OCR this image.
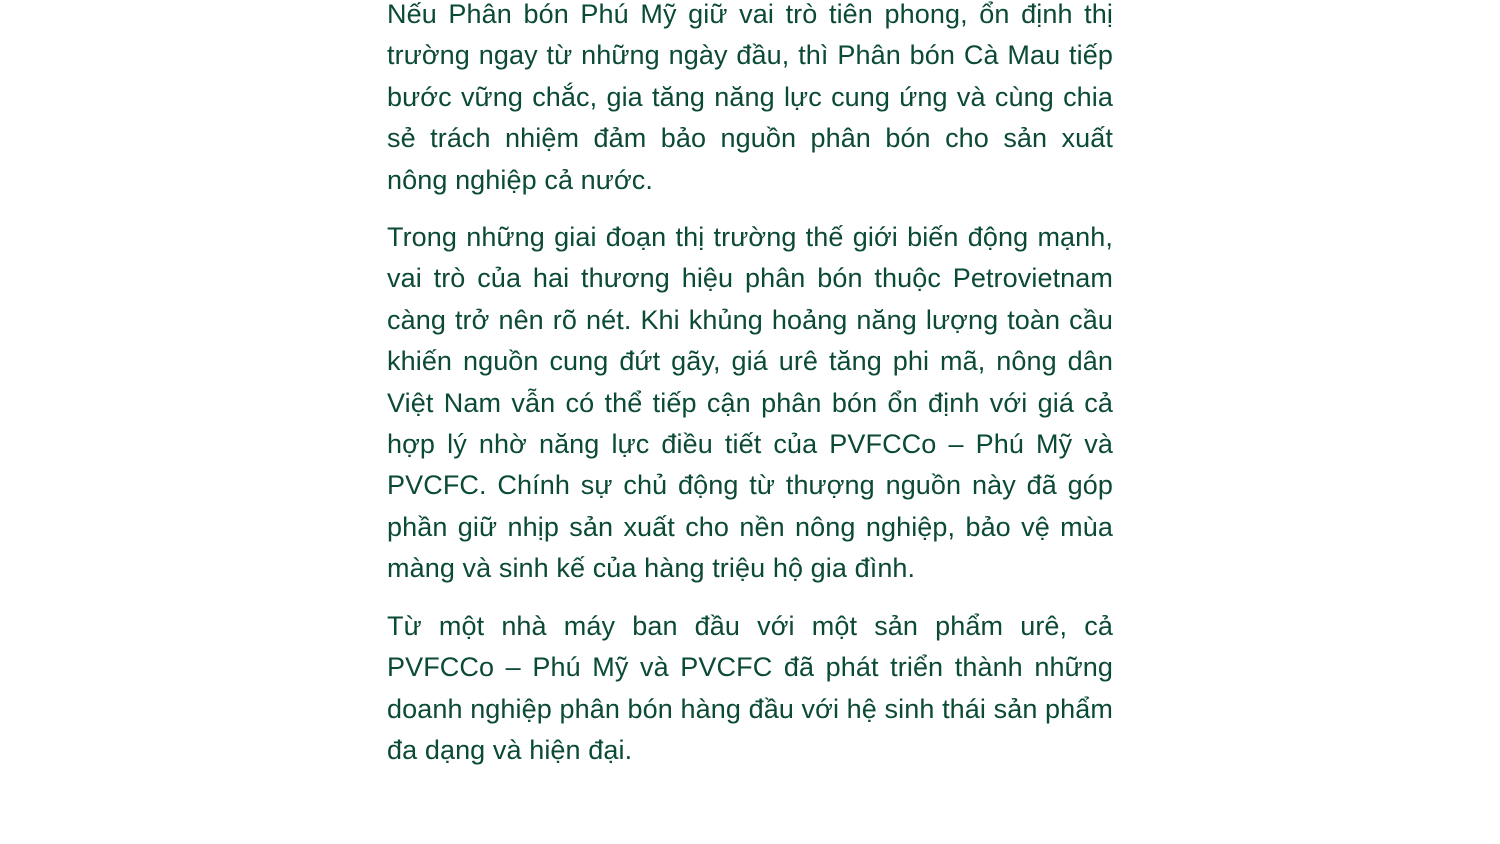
Nếu Phân bón Phú Mỹ giữ vai trò tiên phong, ổn định thị trường ngay từ những ngày đầu, thì Phân bón Cà Mau tiếp bước vững chắc, gia tăng năng lực cung ứng và cùng chia sẻ trách nhiệm đảm bảo nguồn phân bón cho sản xuất nông nghiệp cả nước.

Trong những giai đoạn thị trường thế giới biến động mạnh, vai trò của hai thương hiệu phân bón thuộc Petrovietnam càng trở nên rõ nét. Khi khủng hoảng năng lượng toàn cầu khiến nguồn cung đứt gãy, giá urê tăng phi mã, nông dân Việt Nam vẫn có thể tiếp cận phân bón ổn định với giá cả hợp lý nhờ năng lực điều tiết của PVFCCo – Phú Mỹ và PVCFC. Chính sự chủ động từ thượng nguồn này đã góp phần giữ nhịp sản xuất cho nền nông nghiệp, bảo vệ mùa màng và sinh kế của hàng triệu hộ gia đình.

Từ một nhà máy ban đầu với một sản phẩm urê, cả PVFCCo – Phú Mỹ và PVCFC đã phát triển thành những doanh nghiệp phân bón hàng đầu với hệ sinh thái sản phẩm đa dạng và hiện đại.
